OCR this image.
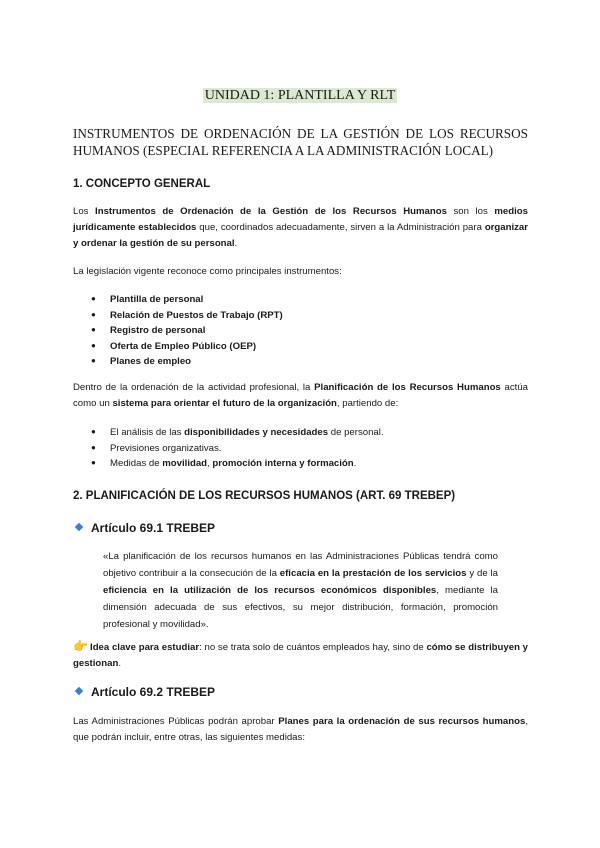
UNIDAD 1: PLANTILLA Y RLT
INSTRUMENTOS DE ORDENACIÓN DE LA GESTIÓN DE LOS RECURSOS HUMANOS (ESPECIAL REFERENCIA A LA ADMINISTRACIÓN LOCAL)
1. CONCEPTO GENERAL
Los Instrumentos de Ordenación de la Gestión de los Recursos Humanos son los medios jurídicamente establecidos que, coordinados adecuadamente, sirven a la Administración para organizar y ordenar la gestión de su personal.
La legislación vigente reconoce como principales instrumentos:
● Plantilla de personal
● Relación de Puestos de Trabajo (RPT)
● Registro de personal
● Oferta de Empleo Público (OEP)
● Planes de empleo
Dentro de la ordenación de la actividad profesional, la Planificación de los Recursos Humanos actúa como un sistema para orientar el futuro de la organización, partiendo de:
● El análisis de las disponibilidades y necesidades de personal.
● Previsiones organizativas.
● Medidas de movilidad, promoción interna y formación.
2. PLANIFICACIÓN DE LOS RECURSOS HUMANOS (ART. 69 TREBEP)
Artículo 69.1 TREBEP
«La planificación de los recursos humanos en las Administraciones Públicas tendrá como objetivo contribuir a la consecución de la eficacia en la prestación de los servicios y de la eficiencia en la utilización de los recursos económicos disponibles, mediante la dimensión adecuada de sus efectivos, su mejor distribución, formación, promoción profesional y movilidad».
👉 Idea clave para estudiar: no se trata solo de cuántos empleados hay, sino de cómo se distribuyen y gestionan.
Artículo 69.2 TREBEP
Las Administraciones Públicas podrán aprobar Planes para la ordenación de sus recursos humanos, que podrán incluir, entre otras, las siguientes medidas:
